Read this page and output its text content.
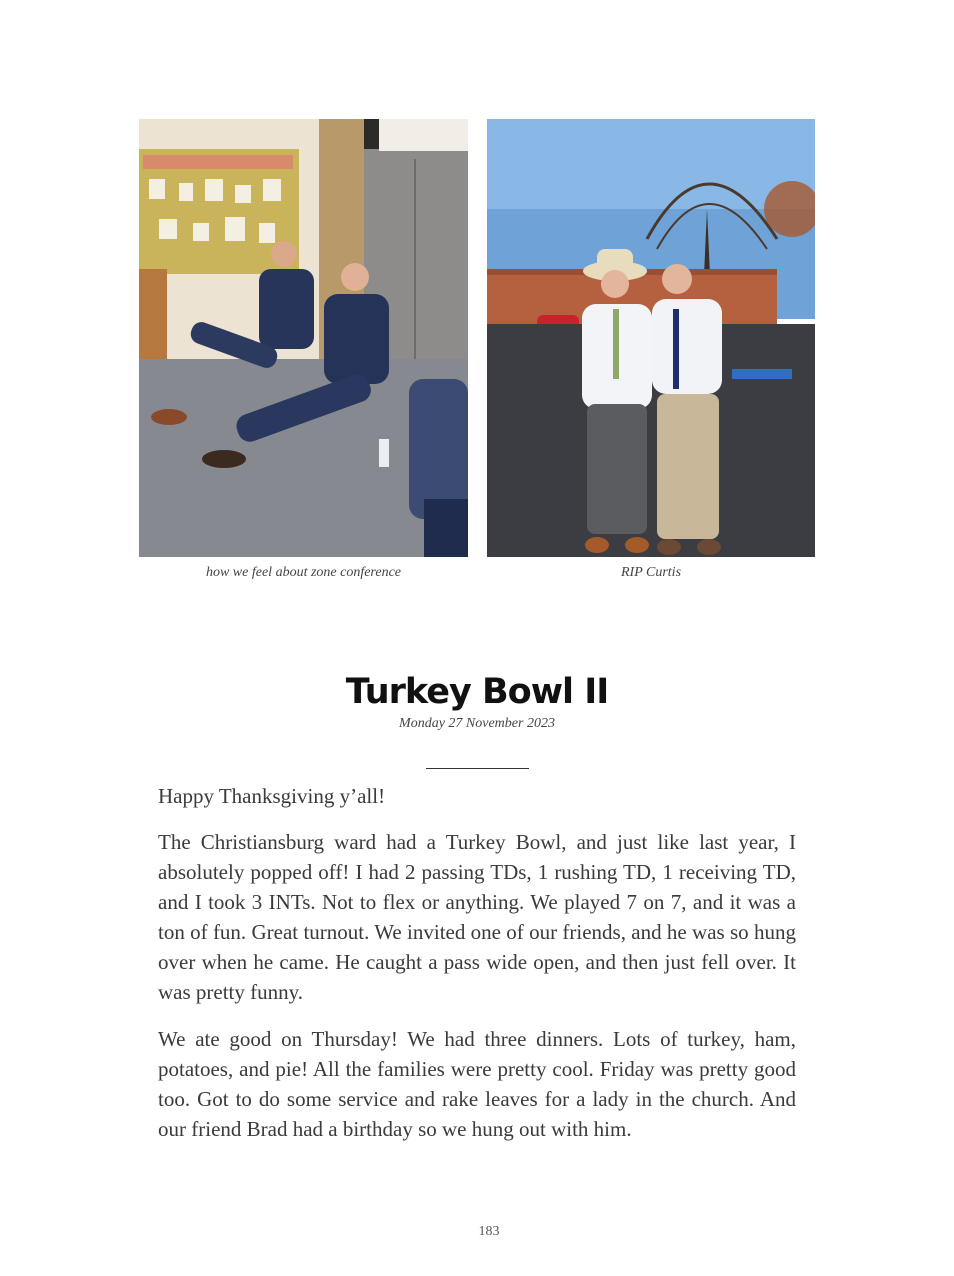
how we feel about zone conference	RIP Curtis
Turkey Bowl II
Monday 27 November 2023

Happy Thanksgiving y’all!

The Christiansburg ward had a Turkey Bowl, and just like last year, I absolutely popped off! I had 2 passing TDs, 1 rushing TD, 1 receiving TD, and I took 3 INTs. Not to flex or anything. We played 7 on 7, and it was a ton of fun. Great turnout. We invited one of our friends, and he was so hung over when he came. He caught a pass wide open, and then just fell over. It was pretty funny.

We ate good on Thursday! We had three dinners. Lots of turkey, ham, potatoes, and pie! All the families were pretty cool. Friday was pretty good too. Got to do some service and rake leaves for a lady in the church. And our friend Brad had a birthday so we hung out with him.

183
